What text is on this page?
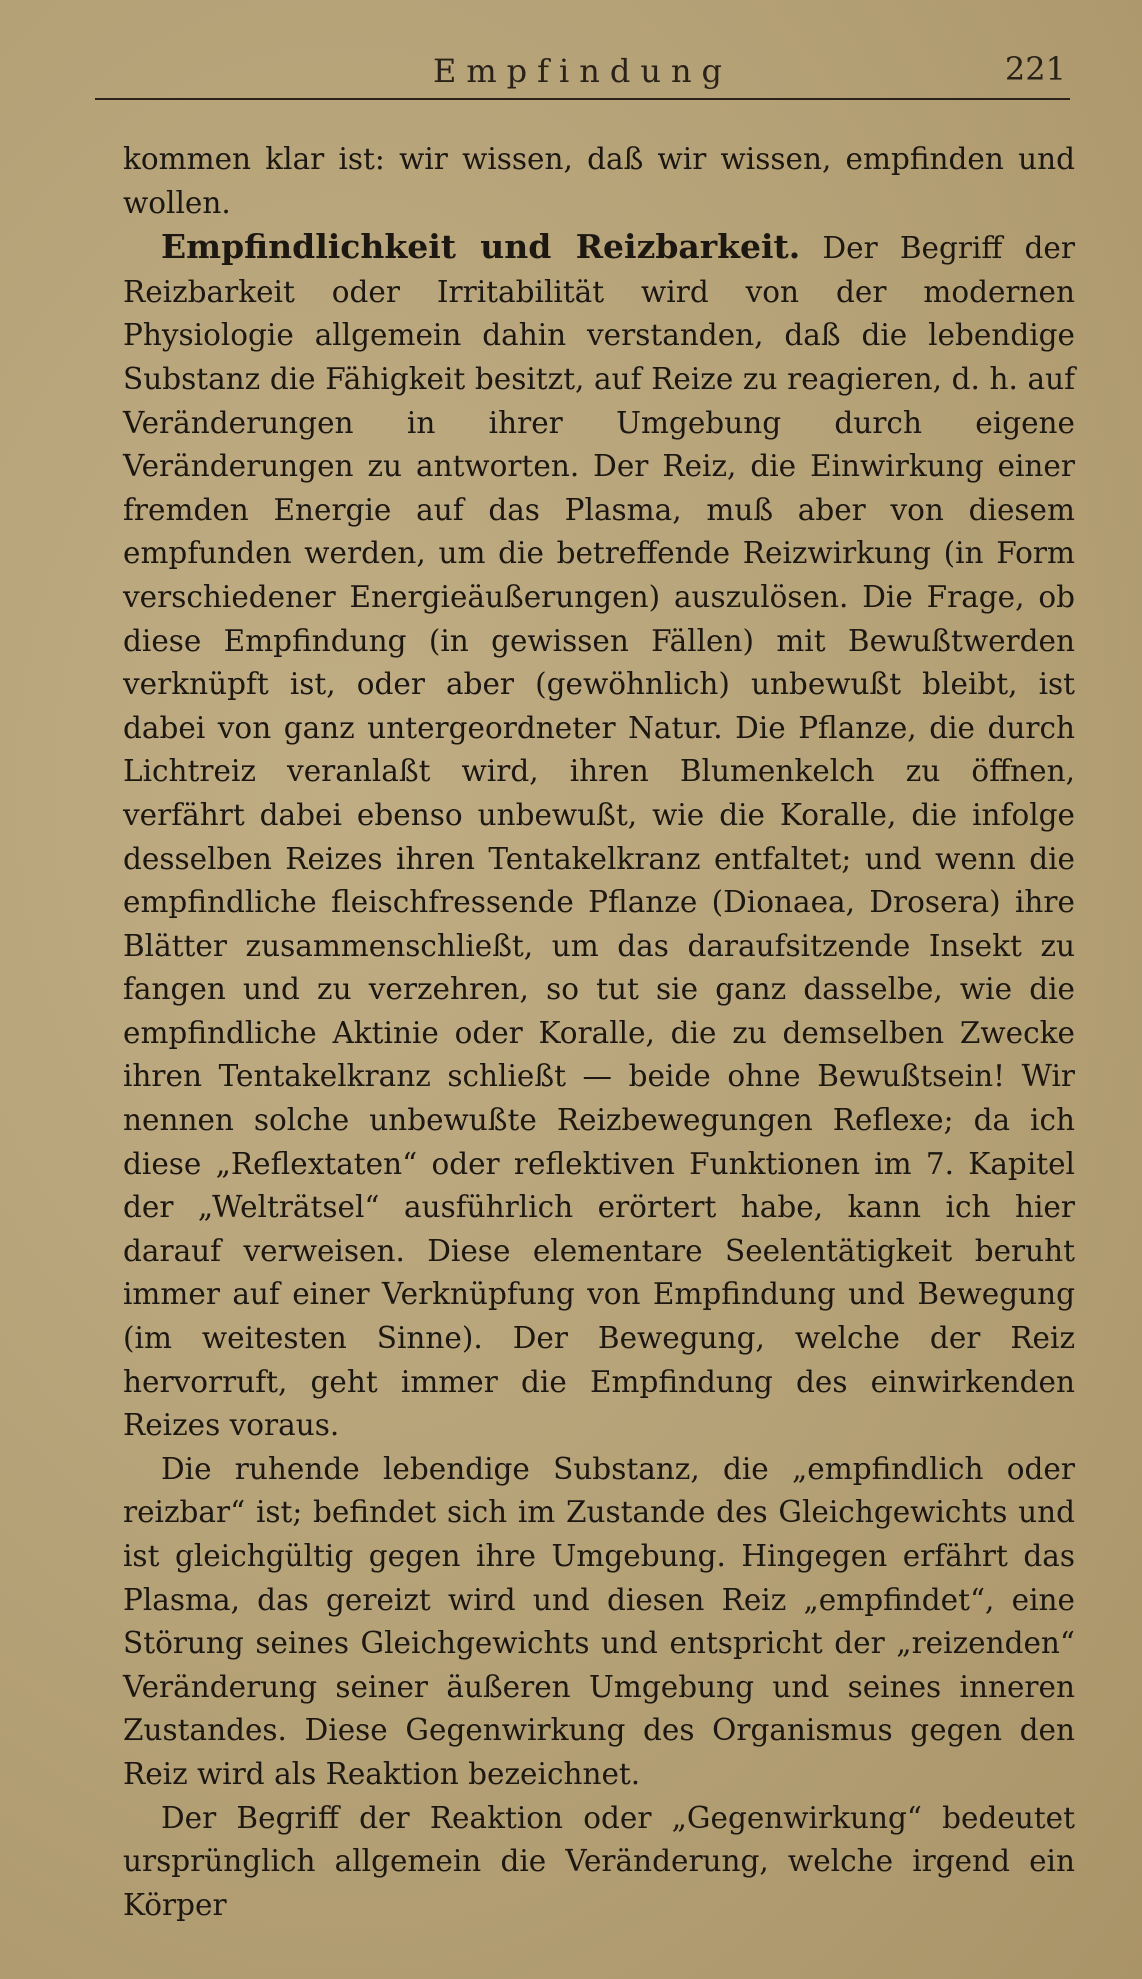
Empfindung	221

kommen klar ist: wir wissen, daß wir wissen, empfinden und wollen.

Empfindlichkeit und Reizbarkeit. Der Begriff der Reizbarkeit oder Irritabilität wird von der modernen Physiologie allgemein dahin verstanden, daß die lebendige Substanz die Fähigkeit besitzt, auf Reize zu reagieren, d. h. auf Veränderungen in ihrer Umgebung durch eigene Veränderungen zu antworten. Der Reiz, die Einwirkung einer fremden Energie auf das Plasma, muß aber von diesem empfunden werden, um die betreffende Reizwirkung (in Form verschiedener Energieäußerungen) auszulösen. Die Frage, ob diese Empfindung (in gewissen Fällen) mit Bewußtwerden verknüpft ist, oder aber (gewöhnlich) unbewußt bleibt, ist dabei von ganz untergeordneter Natur. Die Pflanze, die durch Lichtreiz veranlaßt wird, ihren Blumenkelch zu öffnen, verfährt dabei ebenso unbewußt, wie die Koralle, die infolge desselben Reizes ihren Tentakelkranz entfaltet; und wenn die empfindliche fleischfressende Pflanze (Dionaea, Drosera) ihre Blätter zusammenschließt, um das daraufsitzende Insekt zu fangen und zu verzehren, so tut sie ganz dasselbe, wie die empfindliche Aktinie oder Koralle, die zu demselben Zwecke ihren Tentakelkranz schließt — beide ohne Bewußtsein! Wir nennen solche unbewußte Reizbewegungen Reflexe; da ich diese „Reflextaten“ oder reflektiven Funktionen im 7. Kapitel der „Welträtsel“ ausführlich erörtert habe, kann ich hier darauf verweisen. Diese elementare Seelentätigkeit beruht immer auf einer Verknüpfung von Empfindung und Bewegung (im weitesten Sinne). Der Bewegung, welche der Reiz hervorruft, geht immer die Empfindung des einwirkenden Reizes voraus.

Die ruhende lebendige Substanz, die „empfindlich oder reizbar“ ist; befindet sich im Zustande des Gleichgewichts und ist gleichgültig gegen ihre Umgebung. Hingegen erfährt das Plasma, das gereizt wird und diesen Reiz „empfindet“, eine Störung seines Gleichgewichts und entspricht der „reizenden“ Veränderung seiner äußeren Umgebung und seines inneren Zustandes. Diese Gegenwirkung des Organismus gegen den Reiz wird als Reaktion bezeichnet.

Der Begriff der Reaktion oder „Gegenwirkung“ bedeutet ursprünglich allgemein die Veränderung, welche irgend ein Körper
